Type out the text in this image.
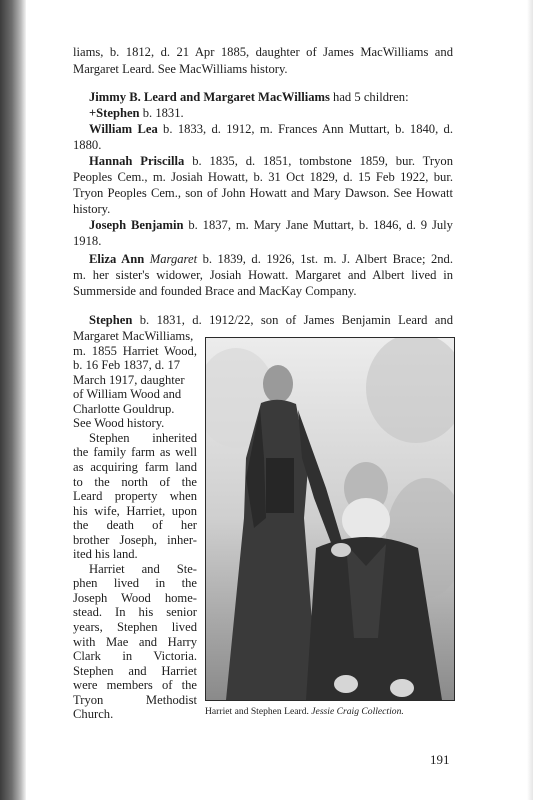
liams, b. 1812, d. 21 Apr 1885, daughter of James MacWilliams and

Margaret Leard. See MacWilliams history.

Jimmy B. Leard and Margaret MacWilliams had 5 children:

+Stephen b. 1831.

William Lea b. 1833, d. 1912, m. Frances Ann Muttart, b. 1840, d.

1880.

Hannah Priscilla b. 1835, d. 1851, tombstone 1859, bur. Tryon

Peoples Cem., m. Josiah Howatt, b. 31 Oct 1829, d. 15 Feb 1922, bur.

Tryon Peoples Cem., son of John Howatt and Mary Dawson. See Howatt

history.

Joseph Benjamin b. 1837, m. Mary Jane Muttart, b. 1846, d. 9 July

1918.

Eliza Ann Margaret b. 1839, d. 1926, 1st. m. J. Albert Brace; 2nd.

m. her sister's widower, Josiah Howatt. Margaret and Albert lived in

Summerside and founded Brace and MacKay Company.

Stephen b. 1831, d. 1912/22, son of James Benjamin Leard and

Margaret MacWilliams,

m. 1855 Harriet Wood,

b. 16 Feb 1837, d. 17

March 1917, daughter

of William Wood and

Charlotte Gouldrup.

See Wood history.

Stephen inherited

the family farm as well

as acquiring farm land

to the north of the

Leard property when

his wife, Harriet, upon

the death of her

brother Joseph, inher-

ited his land.

Harriet and Ste-

phen lived in the

Joseph Wood home-

stead. In his senior

years, Stephen lived

with Mae and Harry

Clark in Victoria.

Stephen and Harriet

were members of the

Tryon Methodist

Church.	Harriet and Stephen Leard. Jessie Craig Collection.
191
